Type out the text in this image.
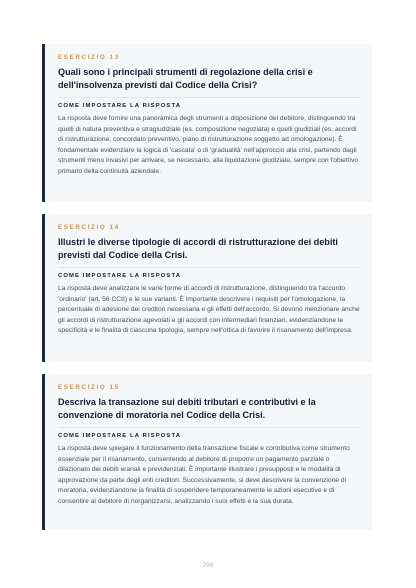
ESERCIZIO 13
Quali sono i principali strumenti di regolazione della crisi e dell'insolvenza previsti dal Codice della Crisi?
COME IMPOSTARE LA RISPOSTA
La risposta deve fornire una panoramica degli strumenti a disposizione del debitore, distinguendo tra quelli di natura preventiva e stragiudiziale (es. composizione negoziata) e quelli giudiziali (es. accordi di ristrutturazione, concordato preventivo, piano di ristrutturazione soggetto ad omologazione). È fondamentale evidenziare la logica di 'cascata' o di 'gradualità' nell'approccio alla crisi, partendo dagli strumenti meno invasivi per arrivare, se necessario, alla liquidazione giudiziale, sempre con l'obiettivo primario della continuità aziendale.
ESERCIZIO 14
Illustri le diverse tipologie di accordi di ristrutturazione dei debiti previsti dal Codice della Crisi.
COME IMPOSTARE LA RISPOSTA
La risposta deve analizzare le varie forme di accordi di ristrutturazione, distinguendo tra l'accordo 'ordinario' (art. 56 CCII) e le sue varianti. È importante descrivere i requisiti per l'omologazione, la percentuale di adesione dei creditori necessaria e gli effetti dell'accordo. Si devono menzionare anche gli accordi di ristrutturazione agevolati e gli accordi con intermediari finanziari, evidenziandone le specificità e le finalità di ciascuna tipologia, sempre nell'ottica di favorire il risanamento dell'impresa.
ESERCIZIO 15
Descriva la transazione sui debiti tributari e contributivi e la convenzione di moratoria nel Codice della Crisi.
COME IMPOSTARE LA RISPOSTA
La risposta deve spiegare il funzionamento della transazione fiscale e contributiva come strumento essenziale per il risanamento, consentendo al debitore di proporre un pagamento parziale o dilazionato dei debiti erariali e previdenziali. È importante illustrare i presupposti e le modalità di approvazione da parte degli enti creditori. Successivamente, si deve descrivere la convenzione di moratoria, evidenziandone la finalità di sospendere temporaneamente le azioni esecutive e di consentire al debitore di riorganizzarsi, analizzando i suoi effetti e la sua durata.
296
